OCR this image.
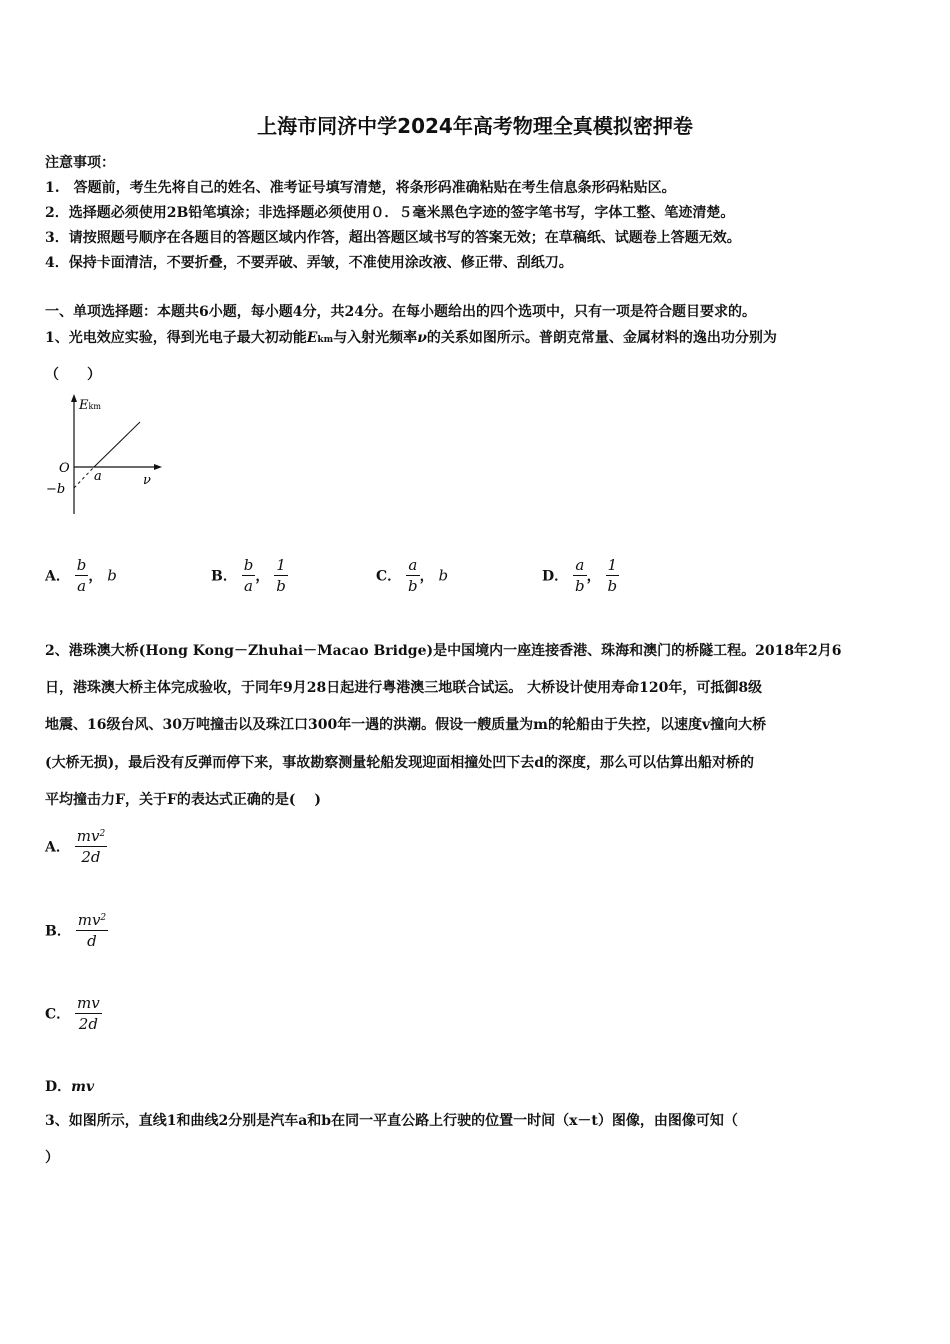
上海市同济中学2024年高考物理全真模拟密押卷
注意事项：
1.　答题前，考生先将自己的姓名、准考证号填写清楚，将条形码准确粘贴在考生信息条形码粘贴区。
2．选择题必须使用2B铅笔填涂；非选择题必须使用０．５毫米黑色字迹的签字笔书写，字体工整、笔迹清楚。
3．请按照题号顺序在各题目的答题区域内作答，超出答题区域书写的答案无效；在草稿纸、试题卷上答题无效。
4．保持卡面清洁，不要折叠，不要弄破、弄皱，不准使用涂改液、修正带、刮纸刀。
一、单项选择题：本题共6小题，每小题4分，共24分。在每小题给出的四个选项中，只有一项是符合题目要求的。
1、光电效应实验，得到光电子最大初动能Ekm与入射光频率ν的关系如图所示。普朗克常量、金属材料的逸出功分别为
（　　）
Ekm
O
a	ν
−b
A． $\frac{b}{a}$ ， b	B． $\frac{b}{a}$ ， $\frac{1}{b}$	C． $\frac{a}{b}$ ， b	D． $\frac{a}{b}$ ， $\frac{1}{b}$
2、港珠澳大桥(Hong Kong－Zhuhai－Macao Bridge)是中国境内一座连接香港、珠海和澳门的桥隧工程。2018年2月6
日，港珠澳大桥主体完成验收，于同年9月28日起进行粤港澳三地联合试运。 大桥设计使用寿命120年，可抵御8级
地震、16级台风、30万吨撞击以及珠江口300年一遇的洪潮。假设一艘质量为m的轮船由于失控，以速度v撞向大桥
(大桥无损)，最后没有反弹而停下来，事故勘察测量轮船发现迎面相撞处凹下去d的深度，那么可以估算出船对桥的
平均撞击力F，关于F的表达式正确的是(　 )
A． $\frac{mv^2}{2d}$
B． $\frac{mv^2}{d}$
C． $\frac{mv}{2d}$
D．mv
3、如图所示，直线1和曲线2分别是汽车a和b在同一平直公路上行驶的位置一时间（x－t）图像，由图像可知（
）
